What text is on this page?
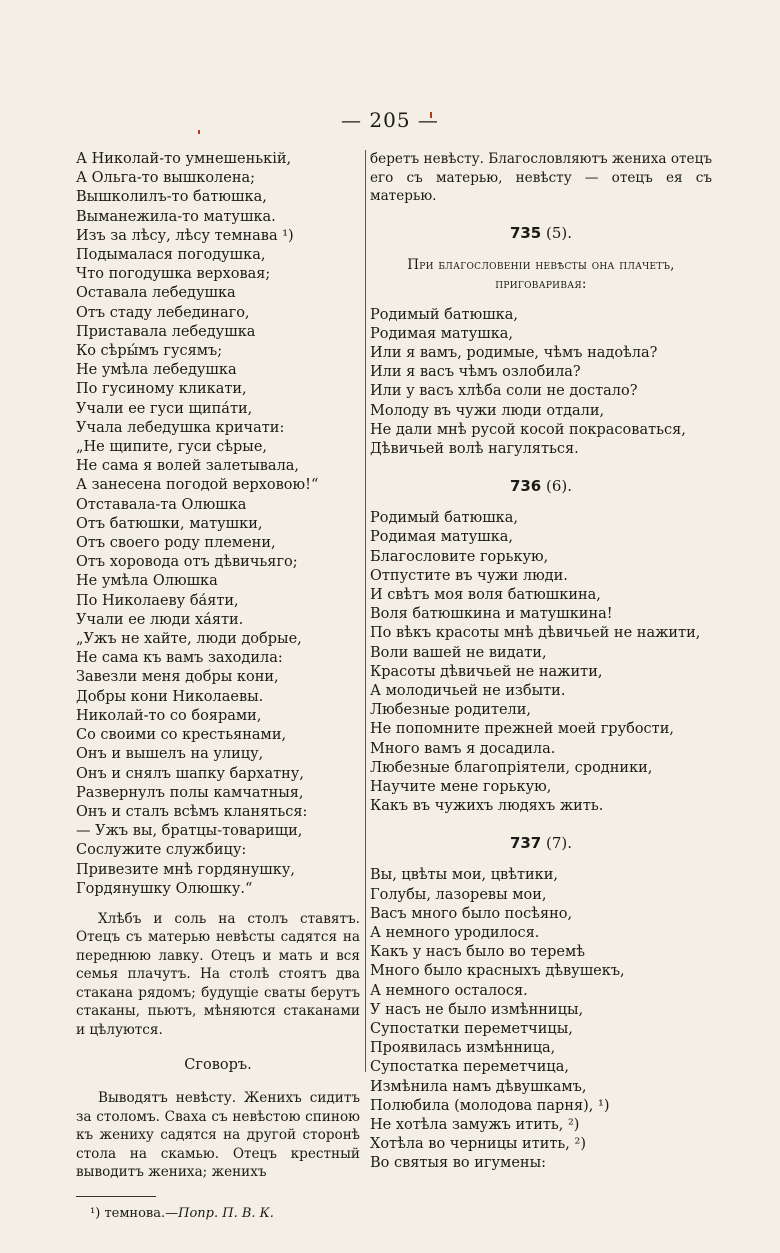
— 205 —
А Николай-то умнешенькій,
А Ольга-то вышколена;
Вышколилъ-то батюшка,
Выманежила-то матушка.
Изъ за лѣсу, лѣсу темнава ¹)
Подымалася погодушка,
Что погодушка верховая;
Оставала лебедушка
Отъ стаду лебединаго,
Приставала лебедушка
Ко сѣры́мъ гусямъ;
Не умѣла лебедушка
По гусиному кликати,
Учали ее гуси щипа́ти,
Учала лебедушка кричати:
„Не щипите, гуси сѣрые,
Не сама я волей залетывала,
А занесена погодой верховою!“
Отставала-та Олюшка
Отъ батюшки, матушки,
Отъ своего роду племени,
Отъ хоровода отъ дѣвичьяго;
Не умѣла Олюшка
По Николаеву ба́яти,
Учали ее люди ха́яти.
„Ужъ не хайте, люди добрые,
Не сама къ вамъ заходила:
Завезли меня добры кони,
Добры кони Николаевы.
Николай-то со боярами,
Со своими со крестьянами,
Онъ и вышелъ на улицу,
Онъ и снялъ шапку бархатну,
Развернулъ полы камчатныя,
Онъ и сталъ всѣмъ кланяться:
— Ужъ вы, братцы-товарищи,
Сослужите службицу:
Привезите мнѣ гордянушку,
Гордянушку Олюшку.“

Хлѣбъ и соль на столъ ставятъ. Отецъ съ матерью невѣсты садятся на переднюю лавку. Отецъ и мать и вся семья плачутъ. На столѣ стоятъ два стакана рядомъ; будущіе сваты берутъ стаканы, пьютъ, мѣняются стаканами и цѣлуются.

Сговоръ.

Выводятъ невѣсту. Женихъ сидитъ за столомъ. Сваха съ невѣстою спиною къ жениху садятся на другой сторонѣ стола на скамью. Отецъ крестный выводитъ жениха; женихъ

¹) темнова.—Попр. П. В. К.

беретъ невѣсту. Благословляютъ жениха отецъ его съ матерью, невѣсту — отецъ ея съ матерью.

735 (5).
При благословеніи невѣсты она плачетъ, приговаривая:
Родимый батюшка,
Родимая матушка,
Или я вамъ, родимые, чѣмъ надоѣла?
Или я васъ чѣмъ озлобила?
Или у васъ хлѣба соли не достало?
Молоду въ чужи люди отдали,
Не дали мнѣ русой косой покрасоваться,
Дѣвичьей волѣ нагуляться.
736 (6).
Родимый батюшка,
Родимая матушка,
Благословите горькую,
Отпустите въ чужи люди.
И свѣтъ моя воля батюшкина,
Воля батюшкина и матушкина!
По вѣкъ красоты мнѣ дѣвичьей не нажити,
Воли вашей не видати,
Красоты дѣвичьей не нажити,
А молодичьей не избыти.
Любезные родители,
Не попомните прежней моей грубости,
Много вамъ я досадила.
Любезные благопріятели, сродники,
Научите мене горькую,
Какъ въ чужихъ людяхъ жить.
737 (7).
Вы, цвѣты мои, цвѣтики,
Голубы, лазоревы мои,
Васъ много было посѣяно,
А немного уродилося.
Какъ у насъ было во теремѣ
Много было красныхъ дѣвушекъ,
А немного осталося.
У насъ не было измѣнницы,
Супостатки переметчицы,
Проявилась измѣнница,
Супостатка переметчица,
Измѣнила намъ дѣвушкамъ,
Полюбила (молодова парня), ¹)
Не хотѣла замужъ итить, ²)
Хотѣла во черницы итить, ²)
Во святыя во игумены:
